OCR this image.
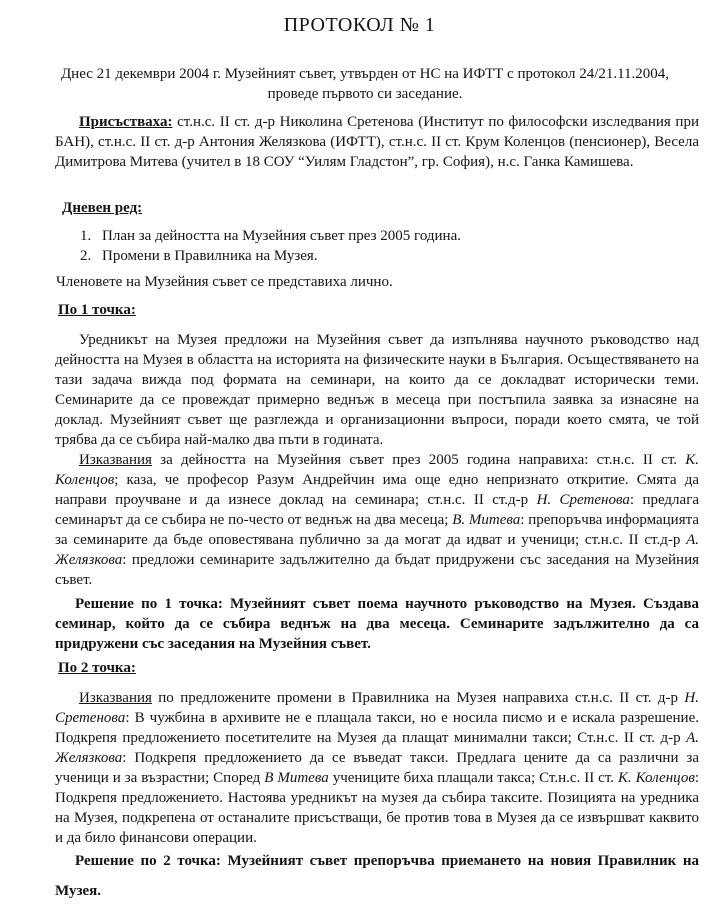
ПРОТОКОЛ № 1
Днес 21 декември 2004 г. Музейният съвет, утвърден от НС на ИФТТ с протокол 24/21.11.2004, проведе първото си заседание.
Присъстваха: ст.н.с. II ст. д-р Николина Сретенова (Институт по философски изследвания при БАН), ст.н.с. II ст. д-р Антония Желязкова (ИФТТ), ст.н.с. II ст. Крум Коленцов (пенсионер), Весела Димитрова Митева (учител в 18 СОУ “Уилям Гладстон”, гр. София), н.с. Ганка Камишева.
Дневен ред:
1. План за дейността на Музейния съвет през 2005 година.
2. Промени в Правилника на Музея.
Членовете на Музейния съвет се представиха лично.
По 1 точка:
Уредникът на Музея предложи на Музейния съвет да изпълнява научното ръководство над дейността на Музея в областта на историята на физическите науки в България. Осъществяването на тази задача вижда под формата на семинари, на които да се докладват исторически теми. Семинарите да се провеждат примерно веднъж в месеца при постъпила заявка за изнасяне на доклад. Музейният съвет ще разглежда и организационни въпроси, поради което смята, че той трябва да се събира най-малко два пъти в годината.
Изказвания за дейността на Музейния съвет през 2005 година направиха: ст.н.с. II ст. К. Коленцов; каза, че професор Разум Андрейчин има още едно непризнато откритие. Смята да направи проучване и да изнесе доклад на семинара; ст.н.с. II ст.д-р Н. Сретенова: предлага семинарът да се събира не по-често от веднъж на два месеца; В. Митева: препоръчва информацията за семинарите да бъде оповестявана публично за да могат да идват и ученици; ст.н.с. II ст.д-р А. Желязкова: предложи семинарите задължително да бъдат придружени със заседания на Музейния съвет.
Решение по 1 точка: Музейният съвет поема научното ръководство на Музея. Създава семинар, който да се събира веднъж на два месеца. Семинарите задължително да са придружени със заседания на Музейния съвет.
По 2 точка:
Изказвания по предложените промени в Правилника на Музея направиха ст.н.с. II ст. д-р Н. Сретенова: В чужбина в архивите не е плащала такси, но е носила писмо и е искала разрешение. Подкрепя предложението посетителите на Музея да плащат минимални такси; Ст.н.с. II ст. д-р А. Желязкова: Подкрепя предложението да се въведат такси. Предлага цените да са различни за ученици и за възрастни; Според В Митева учениците биха плащали такса; Ст.н.с. II ст. К. Коленцов: Подкрепя предложението. Настоява уредникът на музея да събира таксите. Позицията на уредника на Музея, подкрепена от останалите присъстващи, бе против това в Музея да се извършват каквито и да било финансови операции.
Решение по 2 точка: Музейният съвет препоръчва приемането на новия Правилник на Музея.
